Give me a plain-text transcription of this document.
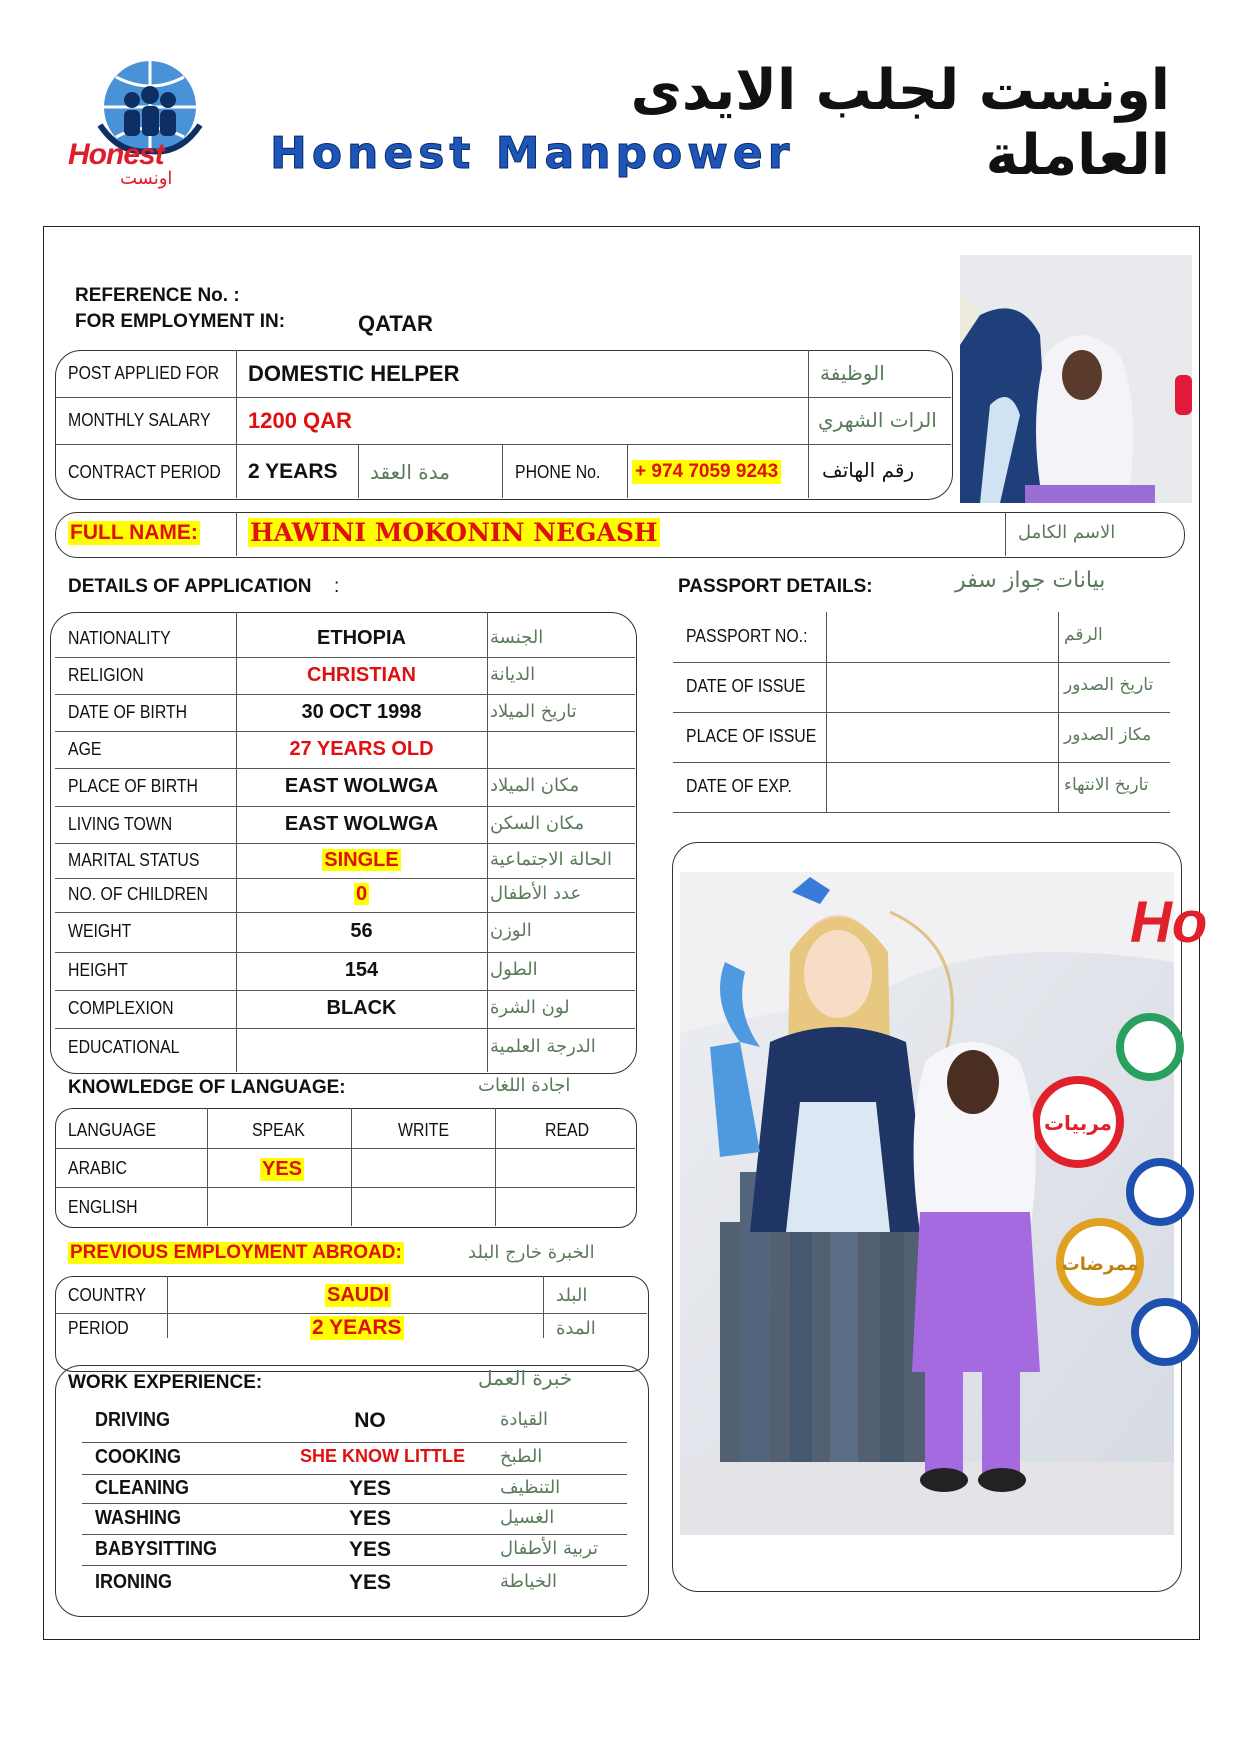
Honest
اونست
اونست لجلب الايدى العاملة
Honest Manpower
REFERENCE No. :
FOR EMPLOYMENT IN:	QATAR
POST APPLIED FOR DOMESTIC HELPER	الوظيفة
MONTHLY SALARY 1200 QAR	الرات الشهري
CONTRACT PERIOD 2 YEARS مدة العقد	PHONE No. + 974 7059 9243 رقم الهاتف
FULL NAME: HAWINI MOKONIN NEGASH	الاسم الكامل
DETAILS OF APPLICATION :
NATIONALITY	ETHOPIA	الجنسة
RELIGION	CHRISTIAN	الديانة
DATE OF BIRTH	30 OCT 1998	تاريخ الميلاد
AGE	27 YEARS OLD
PLACE OF BIRTH	EAST WOLWGA	مكان الميلاد
LIVING TOWN	EAST WOLWGA	مكان السكن
MARITAL STATUS	SINGLE	الحالة الاجتماعية
NO. OF CHILDREN	0	عدد الأطفال
WEIGHT	56	الوزن
HEIGHT	154	الطول
COMPLEXION	BLACK	لون الشرة
EDUCATIONAL	الدرجة العلمية
PASSPORT DETAILS:	بيانات جواز سفر
PASSPORT NO.:	الرقم
DATE OF ISSUE	تاريخ الصدور
PLACE OF ISSUE	مكاز الصدور
DATE OF EXP.	تاريخ الانتهاء
مربيات
ممرضات
Ho
KNOWLEDGE OF LANGUAGE:	اجادة اللغات
LANGUAGE	SPEAK	WRITE	READ
ARABIC	YES
ENGLISH
PREVIOUS EMPLOYMENT ABROAD:	الخبرة خارج البلد
COUNTRY	SAUDI	البلد
PERIOD	2 YEARS	المدة
WORK EXPERIENCE:	خبرة العمل
DRIVING	NO	القيادة
COOKING	SHE KNOW LITTLE الطبخ
CLEANING	YES	التنظيف
WASHING	YES	الغسيل
BABYSITTING	YES	تربية الأطفال
IRONING	YES	الخياطة
